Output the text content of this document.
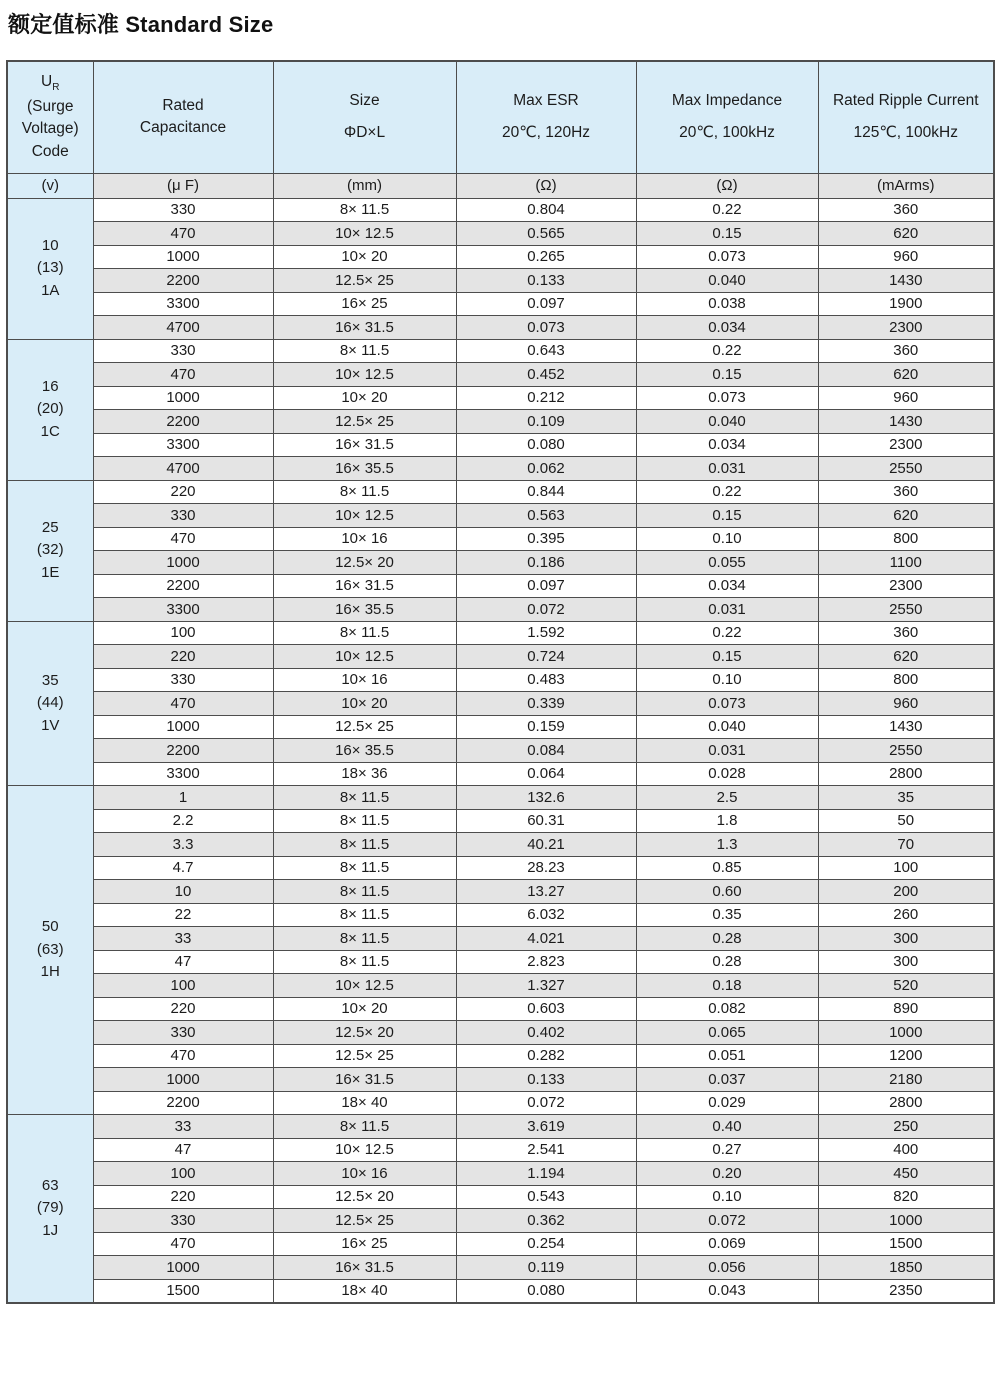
额定值标准 Standard Size
$U_R$
(Surge
Voltage)
Code

Rated
Capacitance

Size
ΦD×L

Max ESR
20℃, 120Hz

Max Impedance
20℃, 100kHz

Rated Ripple Current
125℃, 100kHz

(v)	(μ F)	(mm)	(Ω)	(Ω)	(mArms)

10
(13)
1A	330	8× 11.5	0.804	0.22	360
	470	10× 12.5	0.565	0.15	620
	1000	10× 20	0.265	0.073	960
	2200	12.5× 25	0.133	0.040	1430
	3300	16× 25	0.097	0.038	1900
	4700	16× 31.5	0.073	0.034	2300

16
(20)
1C	330	8× 11.5	0.643	0.22	360
	470	10× 12.5	0.452	0.15	620
	1000	10× 20	0.212	0.073	960
	2200	12.5× 25	0.109	0.040	1430
	3300	16× 31.5	0.080	0.034	2300
	4700	16× 35.5	0.062	0.031	2550

25
(32)
1E	220	8× 11.5	0.844	0.22	360
	330	10× 12.5	0.563	0.15	620
	470	10× 16	0.395	0.10	800
	1000	12.5× 20	0.186	0.055	1100
	2200	16× 31.5	0.097	0.034	2300
	3300	16× 35.5	0.072	0.031	2550

35
(44)
1V	100	8× 11.5	1.592	0.22	360
	220	10× 12.5	0.724	0.15	620
	330	10× 16	0.483	0.10	800
	470	10× 20	0.339	0.073	960
	1000	12.5× 25	0.159	0.040	1430
	2200	16× 35.5	0.084	0.031	2550
	3300	18× 36	0.064	0.028	2800

50
(63)
1H	1	8× 11.5	132.6	2.5	35
	2.2	8× 11.5	60.31	1.8	50
	3.3	8× 11.5	40.21	1.3	70
	4.7	8× 11.5	28.23	0.85	100
	10	8× 11.5	13.27	0.60	200
	22	8× 11.5	6.032	0.35	260
	33	8× 11.5	4.021	0.28	300
	47	8× 11.5	2.823	0.28	300
	100	10× 12.5	1.327	0.18	520
	220	10× 20	0.603	0.082	890
	330	12.5× 20	0.402	0.065	1000
	470	12.5× 25	0.282	0.051	1200
	1000	16× 31.5	0.133	0.037	2180
	2200	18× 40	0.072	0.029	2800

63
(79)
1J	33	8× 11.5	3.619	0.40	250
	47	10× 12.5	2.541	0.27	400
	100	10× 16	1.194	0.20	450
	220	12.5× 20	0.543	0.10	820
	330	12.5× 25	0.362	0.072	1000
	470	16× 25	0.254	0.069	1500
	1000	16× 31.5	0.119	0.056	1850
	1500	18× 40	0.080	0.043	2350
